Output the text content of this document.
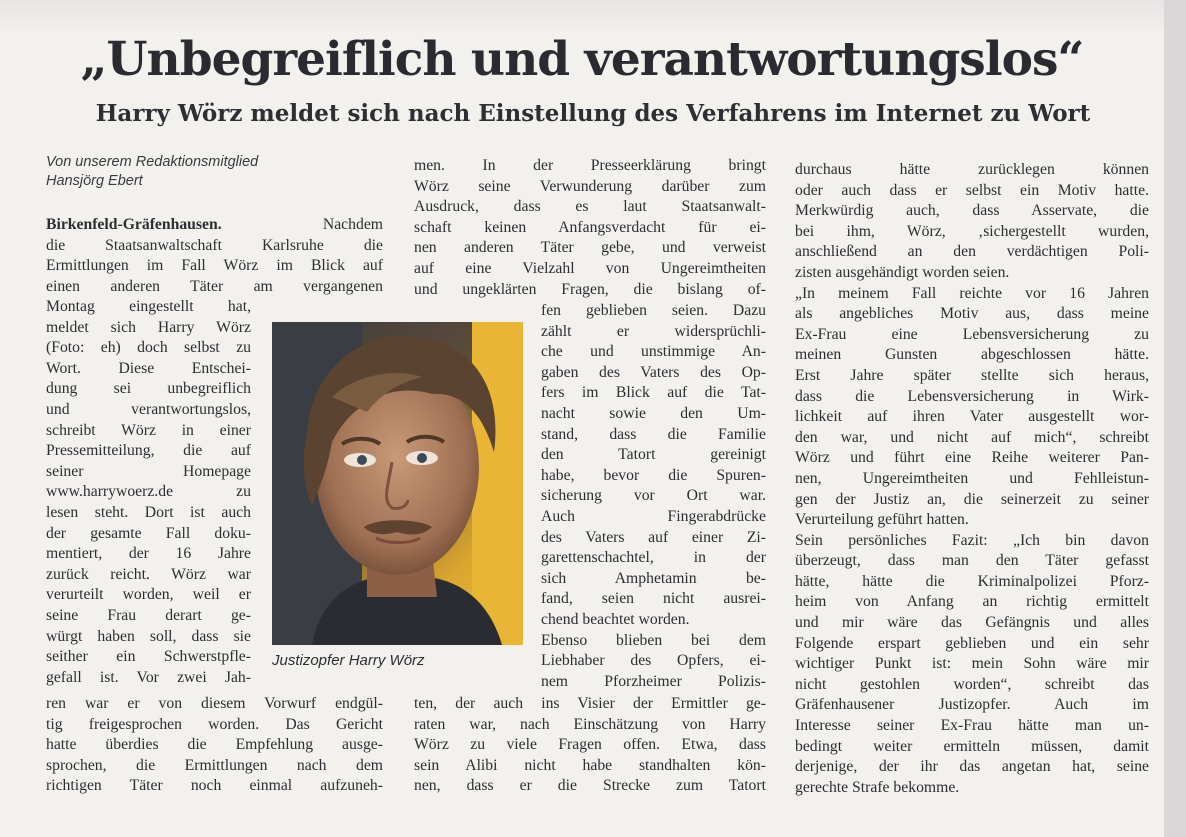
„Unbegreiflich und verantwortungslos“
Harry Wörz meldet sich nach Einstellung des Verfahrens im Internet zu Wort
Von unserem Redaktionsmitglied
Hansjörg Ebert
Birkenfeld-Gräfenhausen. Nachdem
die Staatsanwaltschaft Karlsruhe die
Ermittlungen im Fall Wörz im Blick auf
einen anderen Täter am vergangenen
Montag eingestellt hat,
meldet sich Harry Wörz
(Foto: eh) doch selbst zu
Wort. Diese Entschei-
dung sei unbegreiflich
und verantwortungslos,
schreibt Wörz in einer
Pressemitteilung, die auf
seiner Homepage
www.harrywoerz.de zu
lesen steht. Dort ist auch
der gesamte Fall doku-
mentiert, der 16 Jahre
zurück reicht. Wörz war
verurteilt worden, weil er
seine Frau derart ge-
würgt haben soll, dass sie
seither ein Schwerstpfle-
gefall ist. Vor zwei Jah-
ren war er von diesem Vorwurf endgül-
tig freigesprochen worden. Das Gericht
hatte überdies die Empfehlung ausge-
sprochen, die Ermittlungen nach dem
richtigen Täter noch einmal aufzuneh-
Justizopfer Harry Wörz
men. In der Presseerklärung bringt
Wörz seine Verwunderung darüber zum
Ausdruck, dass es laut Staatsanwalt-
schaft keinen Anfangsverdacht für ei-
nen anderen Täter gebe, und verweist
auf eine Vielzahl von Ungereimtheiten
und ungeklärten Fragen, die bislang of-
fen geblieben seien. Dazu
zählt er widersprüchli-
che und unstimmige An-
gaben des Vaters des Op-
fers im Blick auf die Tat-
nacht sowie den Um-
stand, dass die Familie
den Tatort gereinigt
habe, bevor die Spuren-
sicherung vor Ort war.
Auch Fingerabdrücke
des Vaters auf einer Zi-
garettenschachtel, in der
sich Amphetamin be-
fand, seien nicht ausrei-
chend beachtet worden.
Ebenso blieben bei dem
Liebhaber des Opfers, ei-
nem Pforzheimer Polizis-
ten, der auch ins Visier der Ermittler ge-
raten war, nach Einschätzung von Harry
Wörz zu viele Fragen offen. Etwa, dass
sein Alibi nicht habe standhalten kön-
nen, dass er die Strecke zum Tatort
durchaus hätte zurücklegen können
oder auch dass er selbst ein Motiv hatte.
Merkwürdig auch, dass Asservate, die
bei ihm, Wörz, ‚sichergestellt wurden,
anschließend an den verdächtigen Poli-
zisten ausgehändigt worden seien.
„In meinem Fall reichte vor 16 Jahren
als angebliches Motiv aus, dass meine
Ex-Frau eine Lebensversicherung zu
meinen Gunsten abgeschlossen hätte.
Erst Jahre später stellte sich heraus,
dass die Lebensversicherung in Wirk-
lichkeit auf ihren Vater ausgestellt wor-
den war, und nicht auf mich“, schreibt
Wörz und führt eine Reihe weiterer Pan-
nen, Ungereimtheiten und Fehlleistun-
gen der Justiz an, die seinerzeit zu seiner
Verurteilung geführt hatten.
Sein persönliches Fazit: „Ich bin davon
überzeugt, dass man den Täter gefasst
hätte, hätte die Kriminalpolizei Pforz-
heim von Anfang an richtig ermittelt
und mir wäre das Gefängnis und alles
Folgende erspart geblieben und ein sehr
wichtiger Punkt ist: mein Sohn wäre mir
nicht gestohlen worden“, schreibt das
Gräfenhausener Justizopfer. Auch im
Interesse seiner Ex-Frau hätte man un-
bedingt weiter ermitteln müssen, damit
derjenige, der ihr das angetan hat, seine
gerechte Strafe bekomme.
